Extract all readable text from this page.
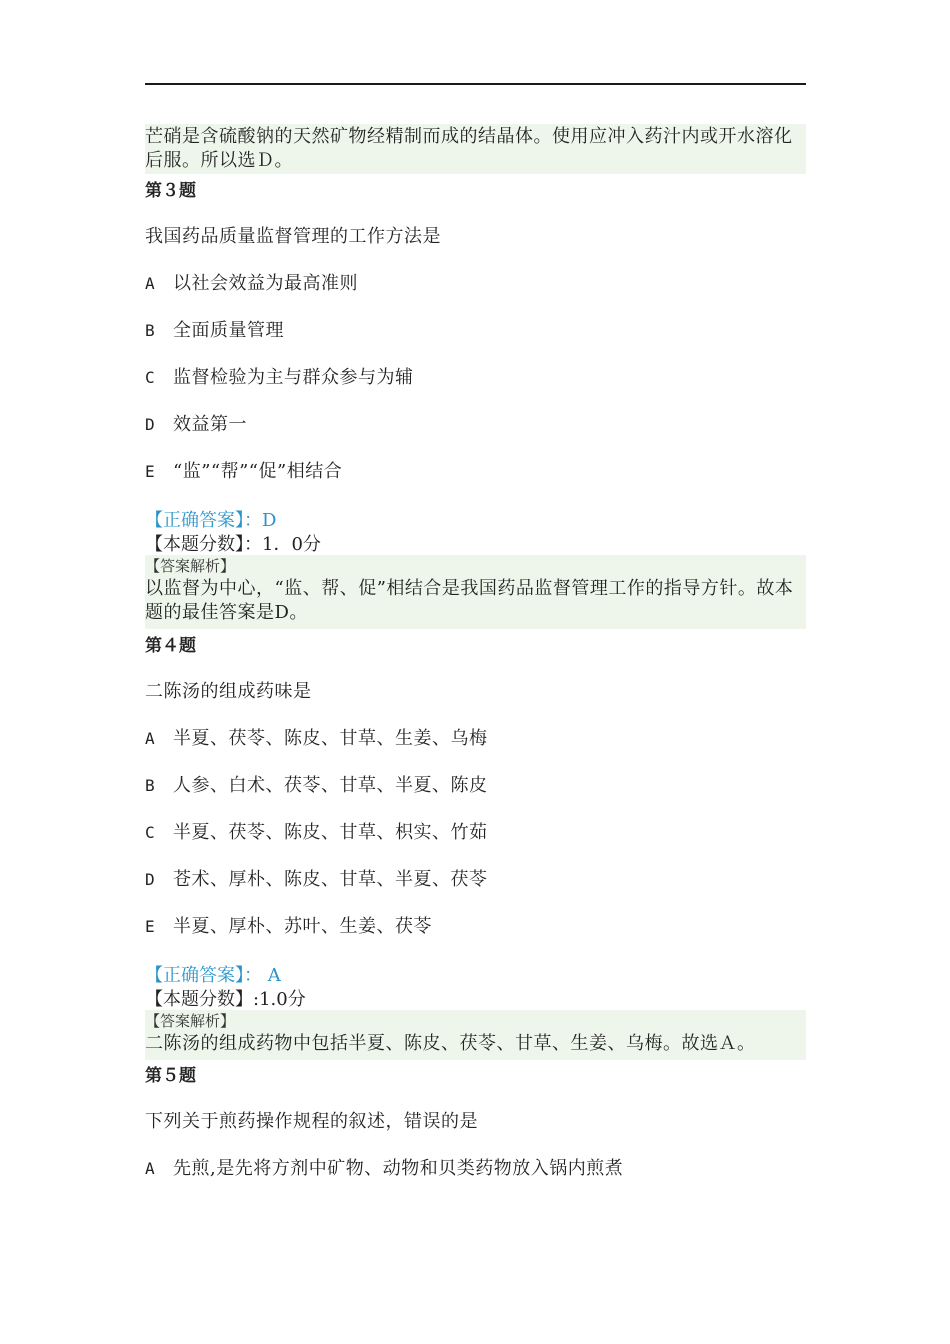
芒硝是含硫酸钠的天然矿物经精制而成的结晶体。使用应冲入药汁内或开水溶化后服。所以选Ｄ。
第３题
我国药品质量监督管理的工作方法是
A 以社会效益为最高准则
B 全面质量管理
C 监督检验为主与群众参与为辅
D 效益第一
E “监”“帮”“促”相结合
【正确答案】：D
【本题分数】：1．0分
【答案解析】
以监督为中心，“监、帮、促”相结合是我国药品监督管理工作的指导方针。故本题的最佳答案是D。
第４题
二陈汤的组成药味是
A 半夏、茯苓、陈皮、甘草、生姜、乌梅
B 人参、白术、茯苓、甘草、半夏、陈皮
C 半夏、茯苓、陈皮、甘草、枳实、竹茹
D 苍术、厚朴、陈皮、甘草、半夏、茯苓
E 半夏、厚朴、苏叶、生姜、茯苓
【正确答案】： A
【本题分数】:1.0分
【答案解析】
二陈汤的组成药物中包括半夏、陈皮、茯苓、甘草、生姜、乌梅。故选Ａ。
第５题
下列关于煎药操作规程的叙述，错误的是
A 先煎,是先将方剂中矿物、动物和贝类药物放入锅内煎煮
